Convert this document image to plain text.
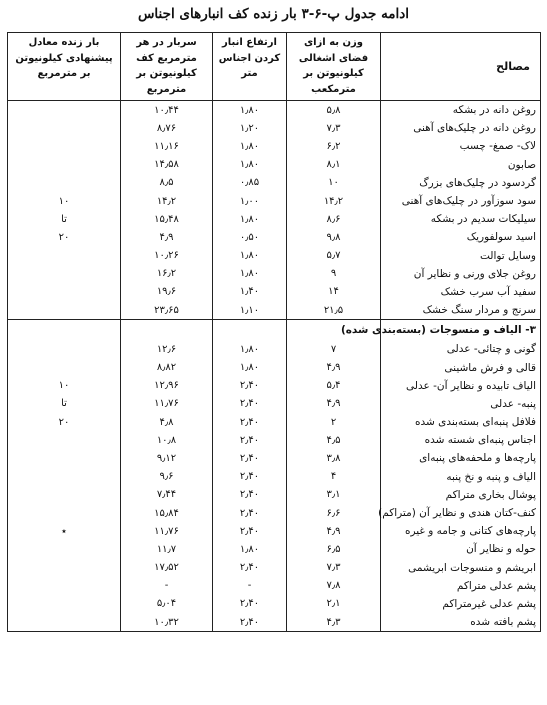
ادامه جدول پ-۶-۳ بار زنده کف انبارهای اجناس
مصالح	وزن به ازای فضای اشغالی کیلونیوتن بر مترمکعب	ارتفاع انبار کردن اجناس متر	سربار در هر مترمربع کف کیلونیوتن بر مترمربع	بار زنده معادل پیشنهادی کیلونیوتن بر مترمربع
روغن دانه در بشکه	۵٫۸	۱٫۸۰	۱۰٫۴۴	
روغن دانه در چلیک‌های آهنی	۷٫۳	۱٫۲۰	۸٫۷۶	
لاک- صمغ- چسب	۶٫۲	۱٫۸۰	۱۱٫۱۶	
صابون	۸٫۱	۱٫۸۰	۱۴٫۵۸	
گردسود در چلیک‌های بزرگ	۱۰	۰٫۸۵	۸٫۵	
سود سوزآور در چلیک‌های آهنی	۱۴٫۲	۱٫۰۰	۱۴٫۲	۱۰
سیلیکات سدیم در بشکه	۸٫۶	۱٫۸۰	۱۵٫۴۸	تا
اسید سولفوریک	۹٫۸	۰٫۵۰	۴٫۹	۲۰
وسایل توالت	۵٫۷	۱٫۸۰	۱۰٫۲۶	
روغن جلای ورنی و نظایر آن	۹	۱٫۸۰	۱۶٫۲	
سفید آب سرب خشک	۱۴	۱٫۴۰	۱۹٫۶	
سرنج و مردار سنگ خشک	۲۱٫۵	۱٫۱۰	۲۳٫۶۵	
۳- الیاف و منسوجات (بسته‌بندی شده)				
گونی و چتائی- عدلی	۷	۱٫۸۰	۱۲٫۶	
قالی و فرش ماشینی	۴٫۹	۱٫۸۰	۸٫۸۲	
الیاف تابیده و نظایر آن- عدلی	۵٫۴	۲٫۴۰	۱۲٫۹۶	۱۰
پنبه- عدلی	۴٫۹	۲٫۴۰	۱۱٫۷۶	تا
فلافل پنبه‌ای بسته‌بندی شده	۲	۲٫۴۰	۴٫۸	۲۰
اجناس پنبه‌ای شسته شده	۴٫۵	۲٫۴۰	۱۰٫۸	
پارچه‌ها و ملحفه‌های پنبه‌ای	۳٫۸	۲٫۴۰	۹٫۱۲	
الیاف و پنبه و نخ پنبه	۴	۲٫۴۰	۹٫۶	
پوشال بخاری متراکم	۳٫۱	۲٫۴۰	۷٫۴۴	
کنف-کتان هندی و نظایر آن (متراکم)	۶٫۶	۲٫۴۰	۱۵٫۸۴	
پارچه‌های کتانی و جامه و غیره	۴٫۹	۲٫۴۰	۱۱٫۷۶	٭
حوله و نظایر آن	۶٫۵	۱٫۸۰	۱۱٫۷	
ابریشم و منسوجات ابریشمی	۷٫۳	۲٫۴۰	۱۷٫۵۲	
پشم عدلی متراکم	۷٫۸	-	-	
پشم عدلی غیرمتراکم	۲٫۱	۲٫۴۰	۵٫۰۴	
پشم بافته شده	۴٫۳	۲٫۴۰	۱۰٫۳۲	
